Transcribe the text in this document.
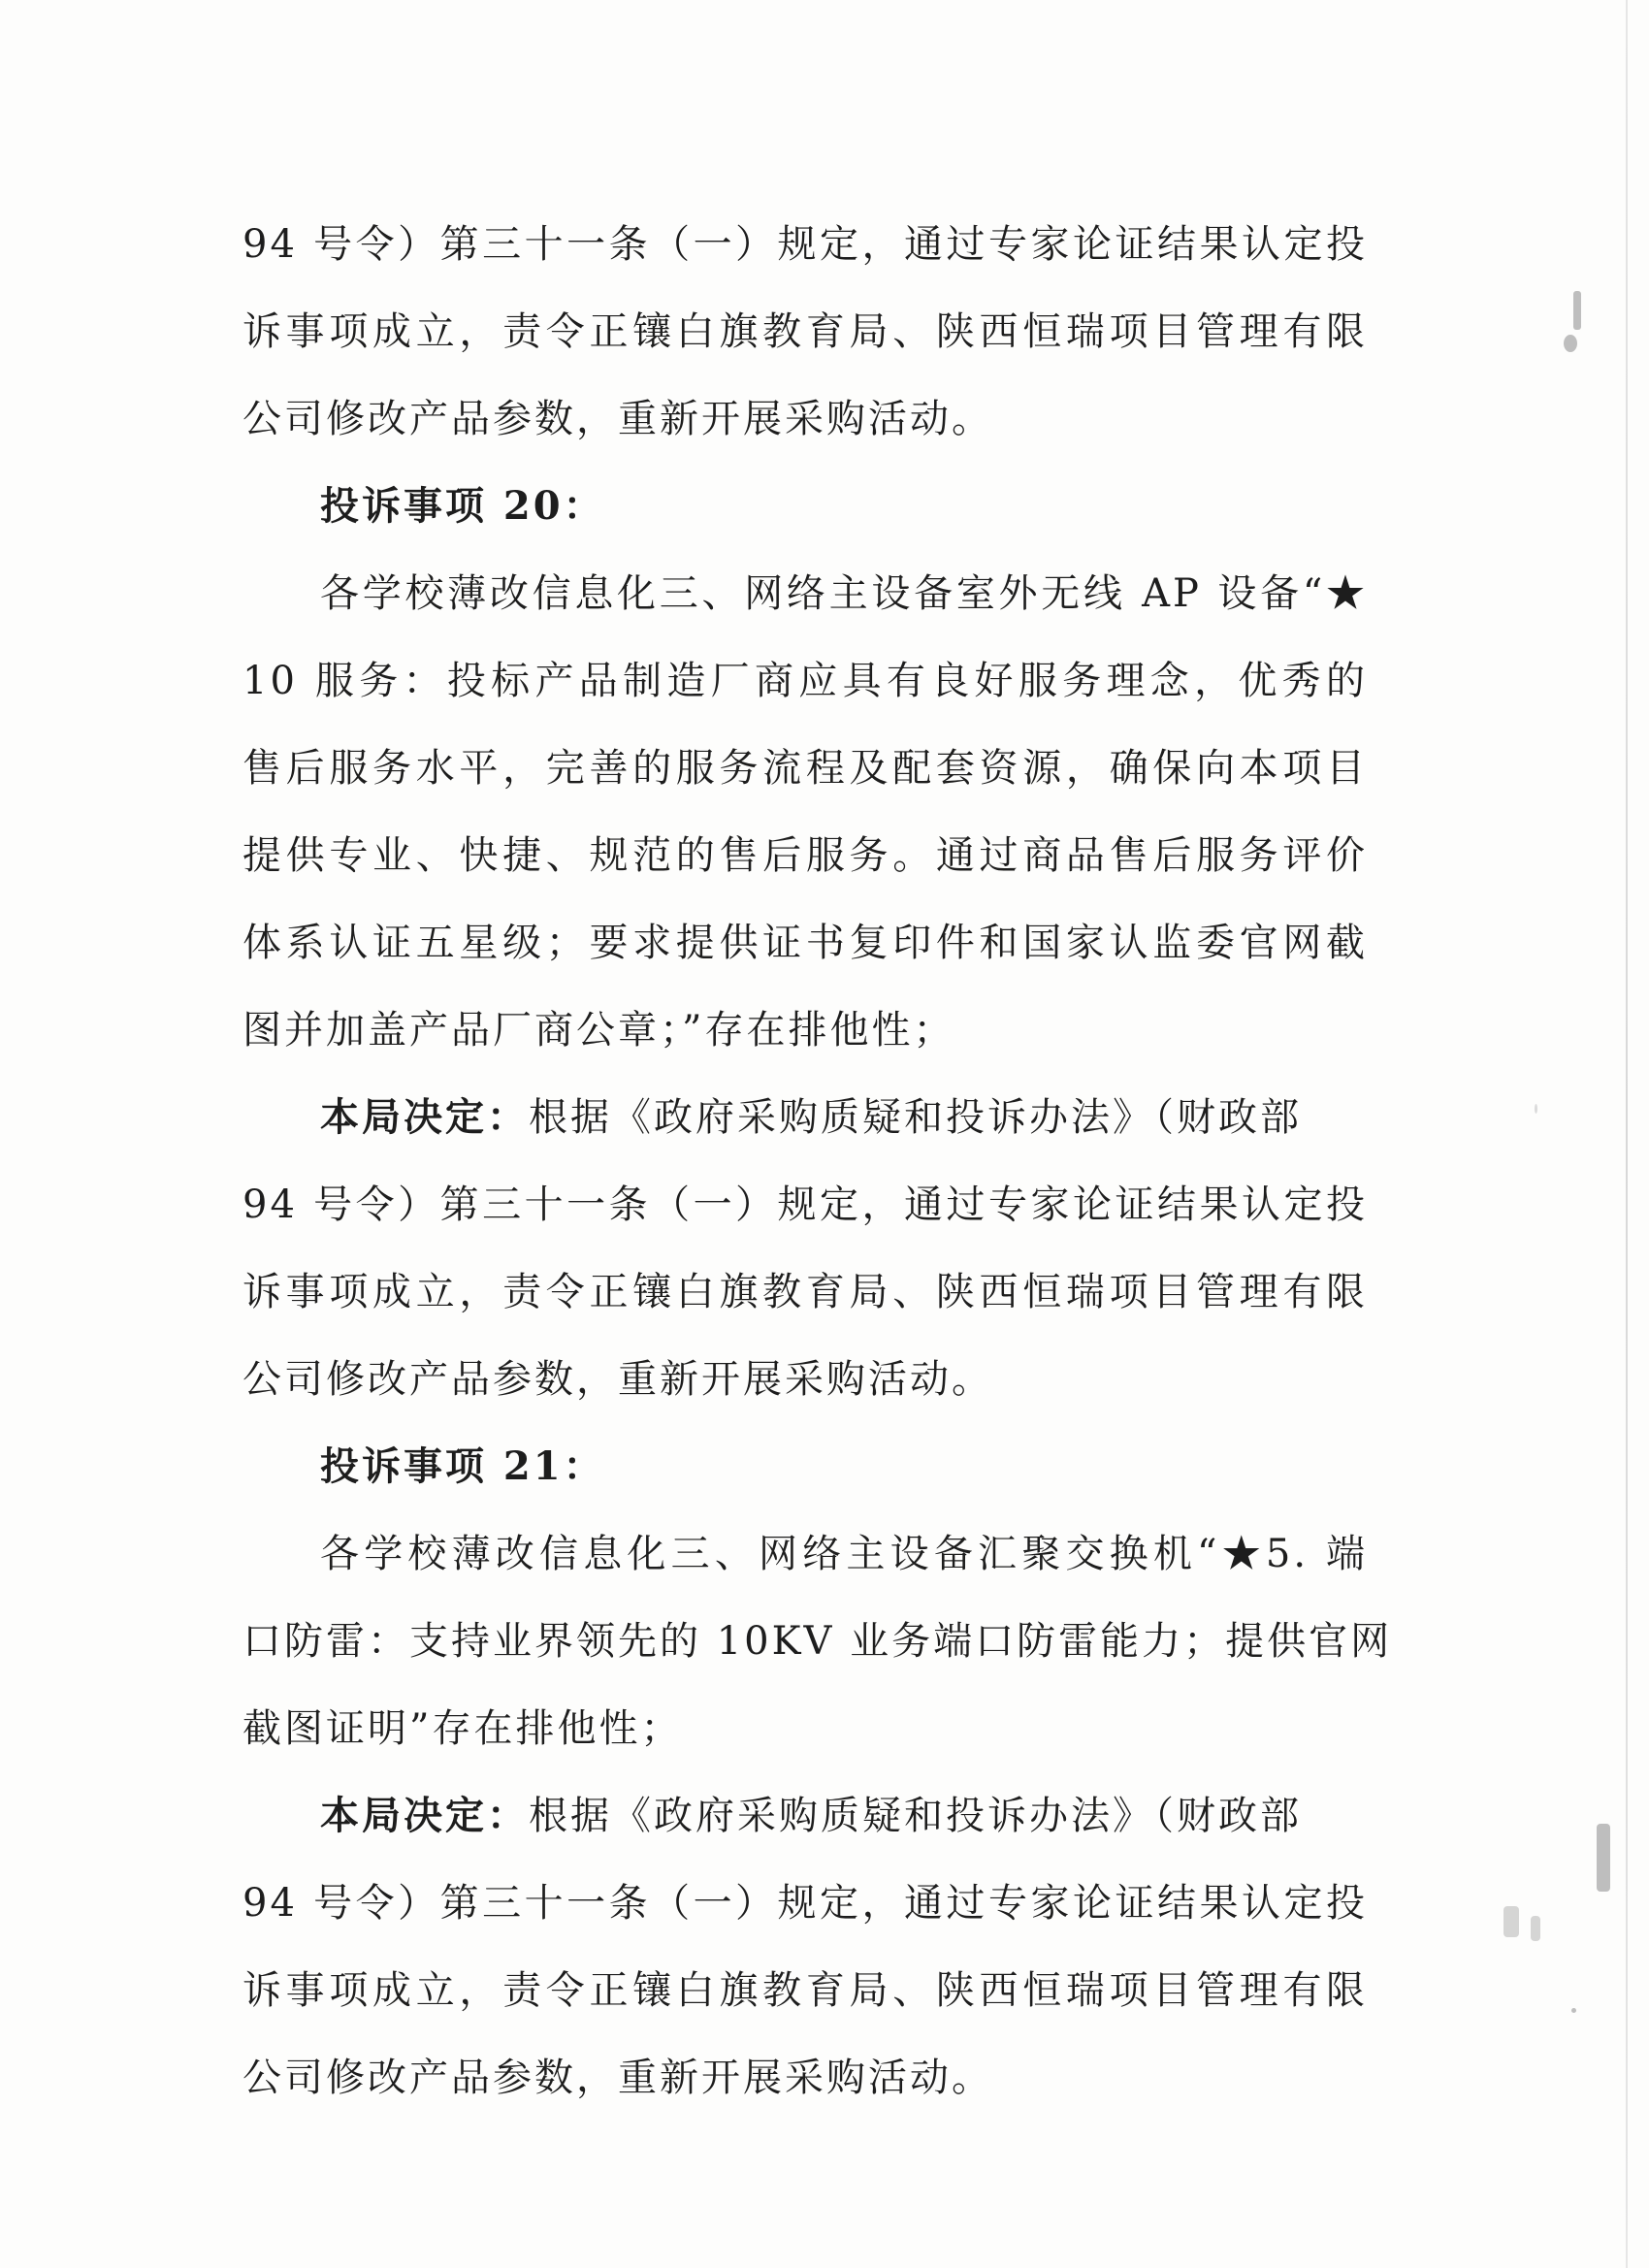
94 号令）第三十一条（一）规定，通过专家论证结果认定投
诉事项成立，责令正镶白旗教育局、陕西恒瑞项目管理有限
公司修改产品参数，重新开展采购活动。
投诉事项 20：
各学校薄改信息化三、网络主设备室外无线 AP 设备“★
10 服务：投标产品制造厂商应具有良好服务理念，优秀的
售后服务水平，完善的服务流程及配套资源，确保向本项目
提供专业、快捷、规范的售后服务。通过商品售后服务评价
体系认证五星级；要求提供证书复印件和国家认监委官网截
图并加盖产品厂商公章；”存在排他性；
本局决定：根据《政府采购质疑和投诉办法》（财政部
94 号令）第三十一条（一）规定，通过专家论证结果认定投
诉事项成立，责令正镶白旗教育局、陕西恒瑞项目管理有限
公司修改产品参数，重新开展采购活动。
投诉事项 21：
各学校薄改信息化三、网络主设备汇聚交换机“★5. 端
口防雷：支持业界领先的 10KV 业务端口防雷能力；提供官网
截图证明”存在排他性；
本局决定：根据《政府采购质疑和投诉办法》（财政部
94 号令）第三十一条（一）规定，通过专家论证结果认定投
诉事项成立，责令正镶白旗教育局、陕西恒瑞项目管理有限
公司修改产品参数，重新开展采购活动。
